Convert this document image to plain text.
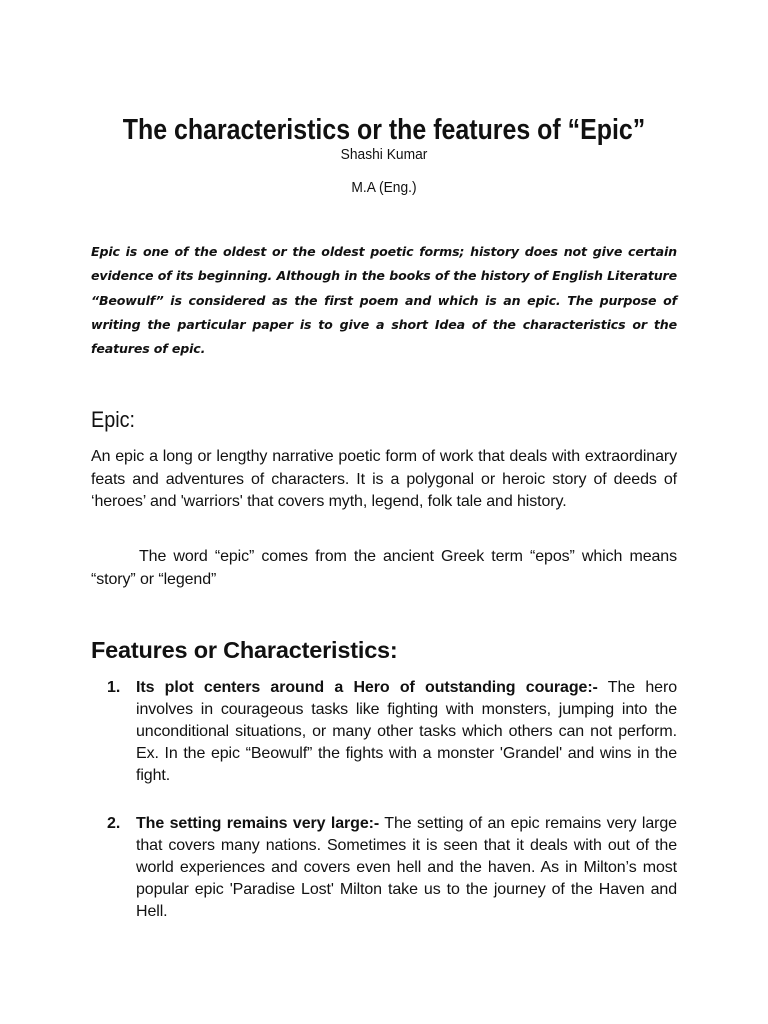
The characteristics or the features of “Epic”
Shashi Kumar
M.A (Eng.)

Epic is one of the oldest or the oldest poetic forms; history does not give certain evidence of its beginning. Although in the books of the history of English Literature “Beowulf” is considered as the first poem and which is an epic. The purpose of writing the particular paper is to give a short Idea of the characteristics or the features of epic.

Epic:

An epic a long or lengthy narrative poetic form of work that deals with extraordinary feats and adventures of characters. It is a polygonal or heroic story of deeds of ‘heroes’ and 'warriors' that covers myth, legend, folk tale and history.

The word “epic” comes from the ancient Greek term “epos” which means “story” or “legend”

Features or Characteristics:
1. Its plot centers around a Hero of outstanding courage:- The hero involves in courageous tasks like fighting with monsters, jumping into the unconditional situations, or many other tasks which others can not perform. Ex. In the epic “Beowulf” the fights with a monster 'Grandel' and wins in the fight.
2. The setting remains very large:- The setting of an epic remains very large that covers many nations. Sometimes it is seen that it deals with out of the world experiences and covers even hell and the haven. As in Milton’s most popular epic 'Paradise Lost' Milton take us to the journey of the Haven and Hell.
